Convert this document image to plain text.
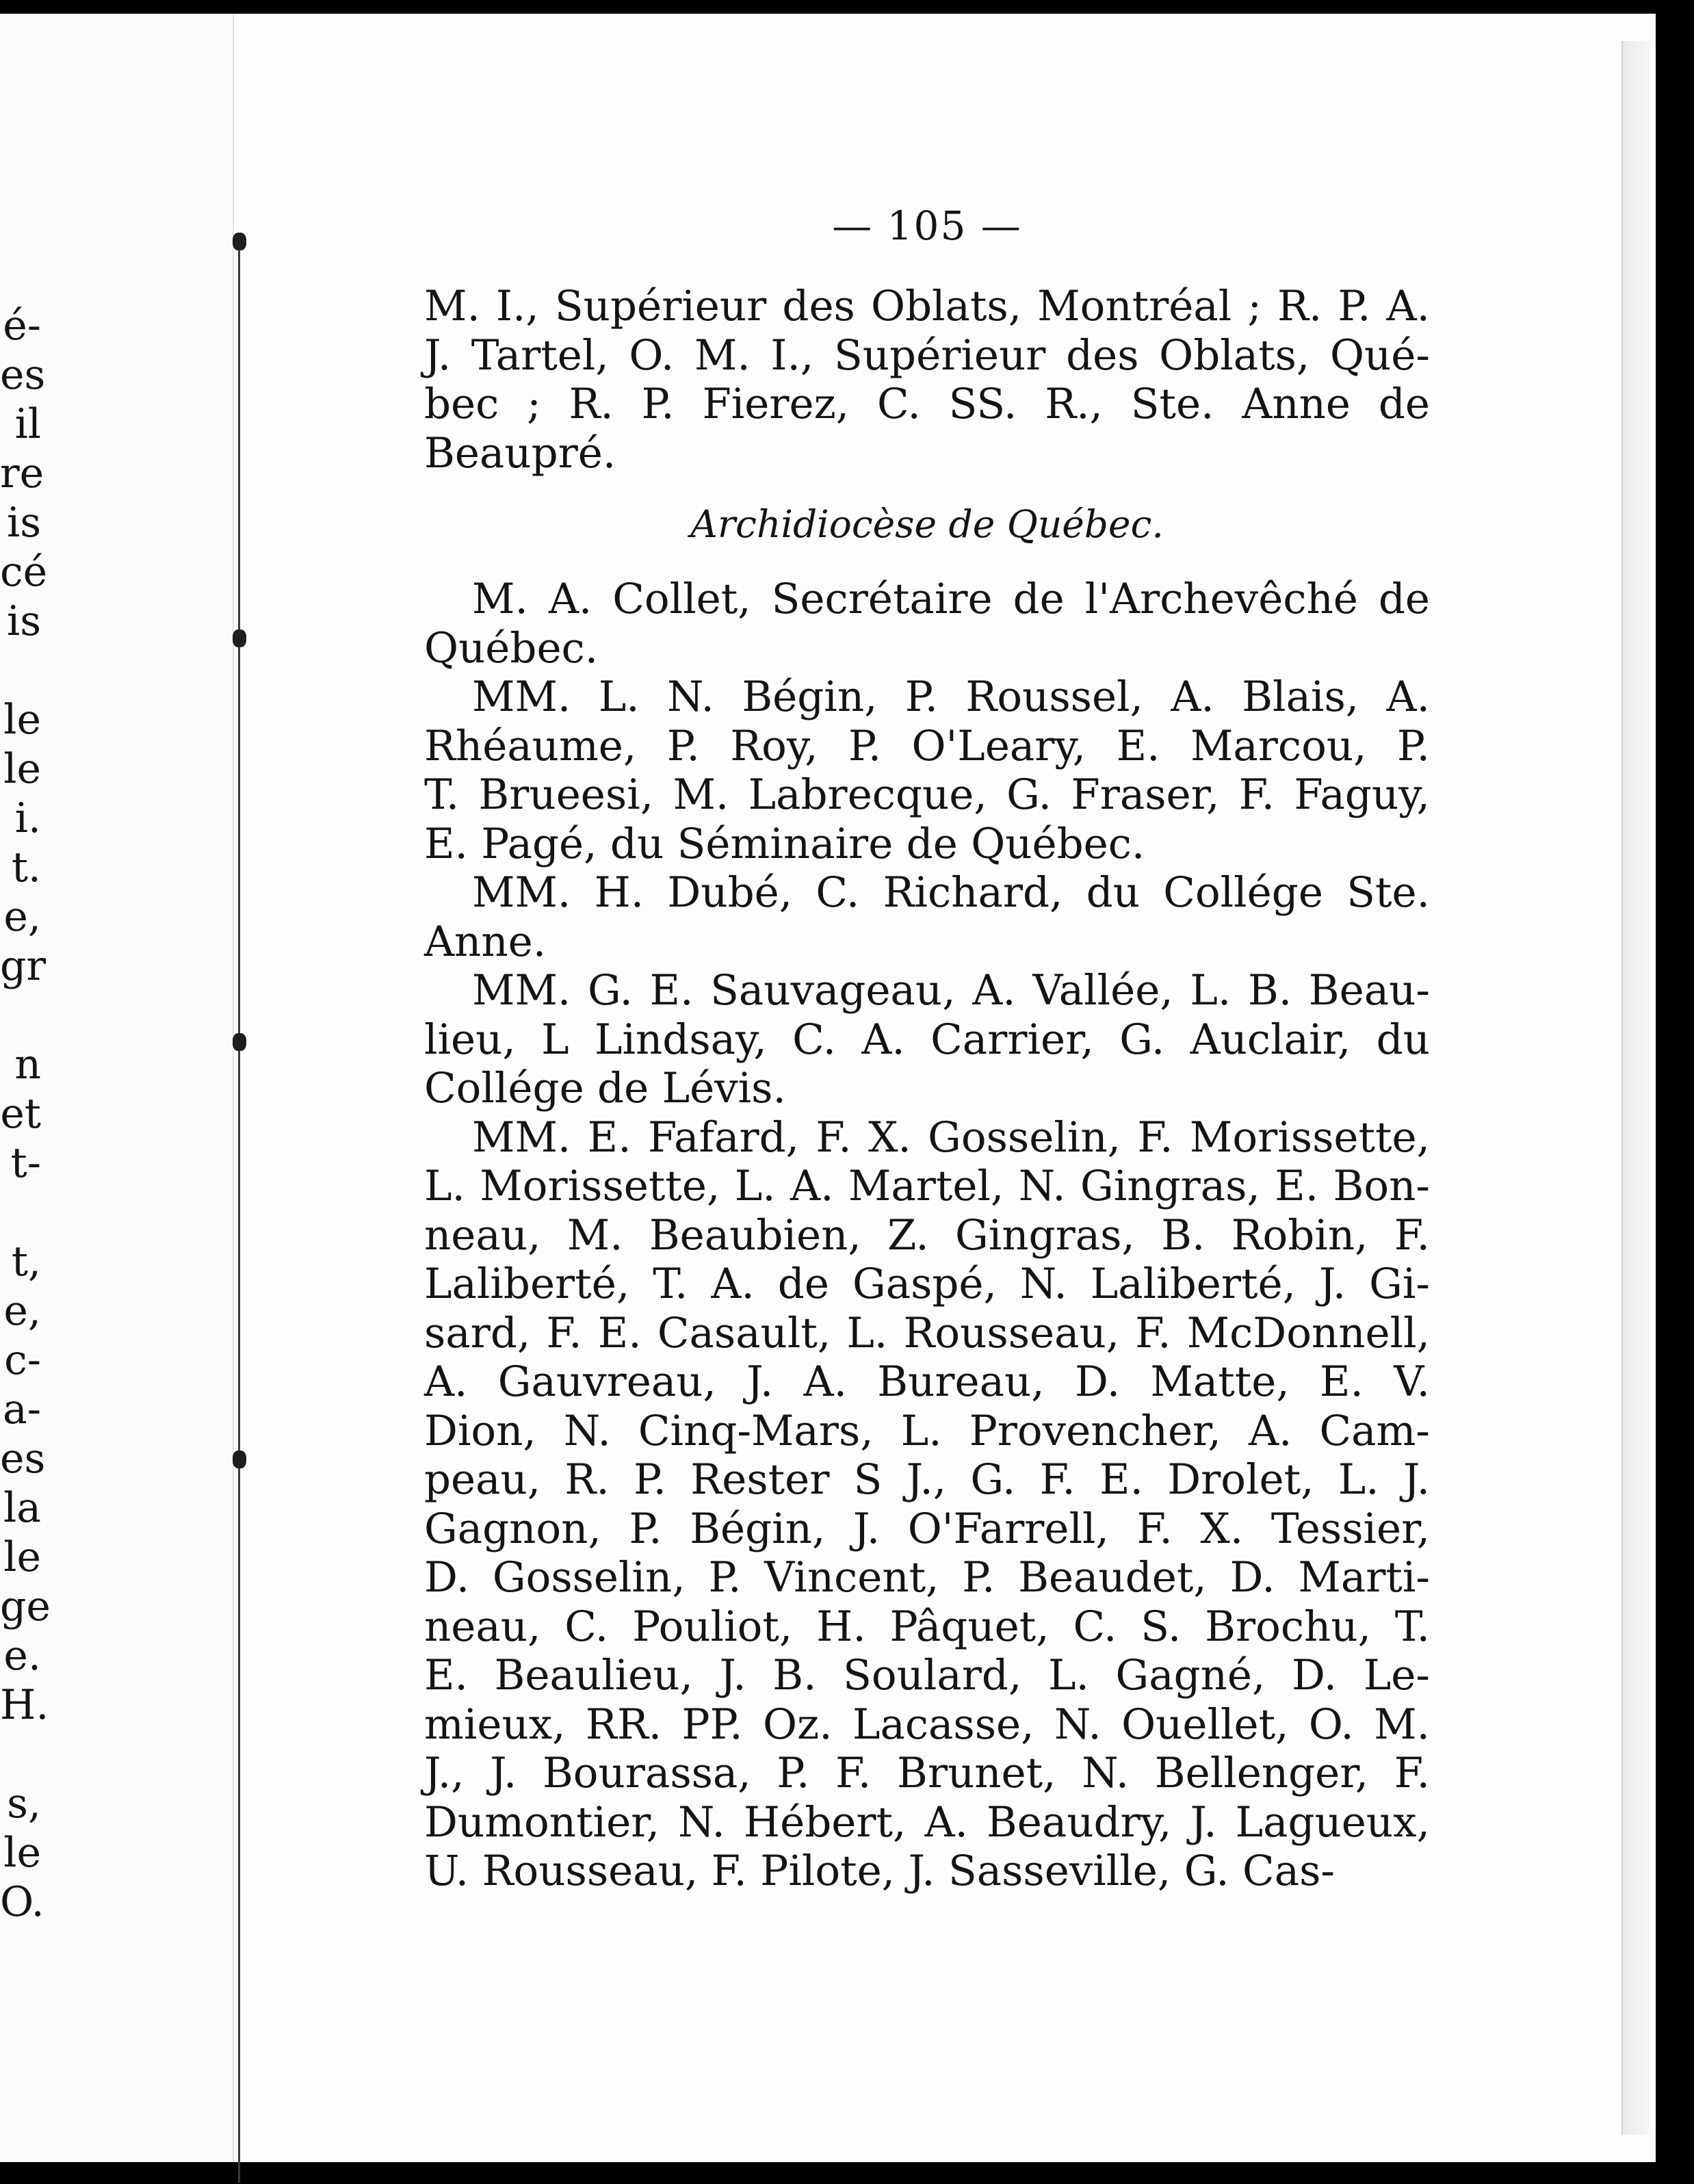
é-
es
il
re
is
cé
is
le
le
i.
t.
e,
gr
n
et
t-
t,
e,
c-
a-
es
la
le
ge
e.
H.
s,
le
O.
— 105 —
M. I., Supérieur des Oblats, Montréal ; R. P. A.
J. Tartel, O. M. I., Supérieur des Oblats, Qué-
bec ; R. P. Fierez, C. SS. R., Ste. Anne de
Beaupré.
Archidiocèse de Québec.
M. A. Collet, Secrétaire de l'Archevêché de
Québec.
MM. L. N. Bégin, P. Roussel, A. Blais, A.
Rhéaume, P. Roy, P. O'Leary, E. Marcou, P.
T. Brueesi, M. Labrecque, G. Fraser, F. Faguy,
E. Pagé, du Séminaire de Québec.
MM. H. Dubé, C. Richard, du Collége Ste.
Anne.
MM. G. E. Sauvageau, A. Vallée, L. B. Beau-
lieu, L Lindsay, C. A. Carrier, G. Auclair, du
Collége de Lévis.
MM. E. Fafard, F. X. Gosselin, F. Morissette,
L. Morissette, L. A. Martel, N. Gingras, E. Bon-
neau, M. Beaubien, Z. Gingras, B. Robin, F.
Laliberté, T. A. de Gaspé, N. Laliberté, J. Gi-
sard, F. E. Casault, L. Rousseau, F. McDonnell,
A. Gauvreau, J. A. Bureau, D. Matte, E. V.
Dion, N. Cinq-Mars, L. Provencher, A. Cam-
peau, R. P. Rester S J., G. F. E. Drolet, L. J.
Gagnon, P. Bégin, J. O'Farrell, F. X. Tessier,
D. Gosselin, P. Vincent, P. Beaudet, D. Marti-
neau, C. Pouliot, H. Pâquet, C. S. Brochu, T.
E. Beaulieu, J. B. Soulard, L. Gagné, D. Le-
mieux, RR. PP. Oz. Lacasse, N. Ouellet, O. M.
J., J. Bourassa, P. F. Brunet, N. Bellenger, F.
Dumontier, N. Hébert, A. Beaudry, J. Lagueux,
U. Rousseau, F. Pilote, J. Sasseville, G. Cas-
